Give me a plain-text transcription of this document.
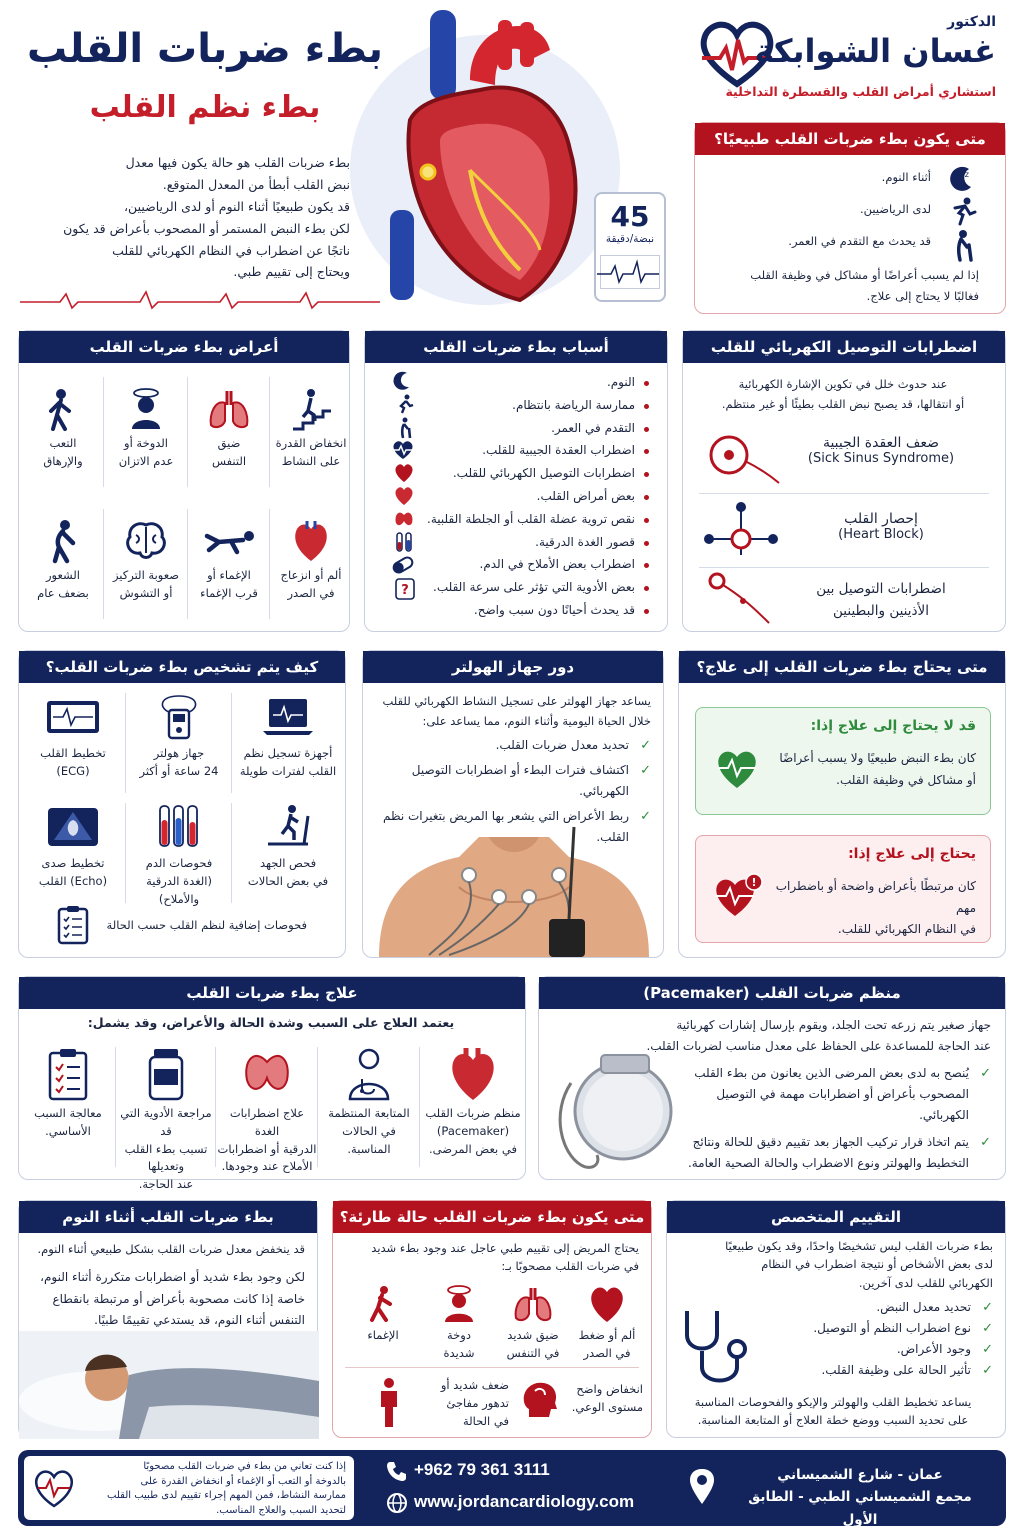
الدكتور
غسان الشوابكة
استشاري أمراض القلب والقسطرة التداخلية
بطء ضربات القلب
بطء نظم القلب
بطء ضربات القلب هو حالة يكون فيها معدل
نبض القلب أبطأ من المعدل المتوقع.
قد يكون طبيعيًا أثناء النوم أو لدى الرياضيين،
لكن بطء النبض المستمر أو المصحوب بأعراض قد يكون
ناتجًا عن اضطراب في النظام الكهربائي للقلب
ويحتاج إلى تقييم طبي.
45
نبضة/دقيقة
متى يكون بطء ضربات القلب طبيعيًا؟
z
أثناء النوم.
لدى الرياضيين.
قد يحدث مع التقدم في العمر.
إذا لم يسبب أعراضًا أو مشاكل في وظيفة القلب
فغالبًا لا يحتاج إلى علاج.
أعراض بطء ضربات القلب
انخفاض القدرة
على النشاط
ضيق
التنفس
الدوخة أو
عدم الاتزان
التعب
والإرهاق
ألم أو انزعاج
في الصدر
الإغماء أو
قرب الإغماء
صعوبة التركيز
أو التشوش
الشعور
بضعف عام
أسباب بطء ضربات القلب
النوم.
ممارسة الرياضة بانتظام.
التقدم في العمر.
اضطراب العقدة الجيبية للقلب.
اضطرابات التوصيل الكهربائي للقلب.
بعض أمراض القلب.
نقص تروية عضلة القلب أو الجلطة القلبية.
قصور الغدة الدرقية.
اضطراب بعض الأملاح في الدم.
بعض الأدوية التي تؤثر على سرعة القلب.
قد يحدث أحيانًا دون سبب واضح.
?
اضطرابات التوصيل الكهربائي للقلب
عند حدوث خلل في تكوين الإشارة الكهربائية
أو انتقالها، قد يصبح نبض القلب بطيئًا أو غير منتظم.
ضعف العقدة الجيبية
(Sick Sinus Syndrome)
إحصار القلب
(Heart Block)
اضطرابات التوصيل بين
الأذينين والبطينين
كيف يتم تشخيص بطء ضربات القلب؟
أجهزة تسجيل نظم
القلب لفترات طويلة
جهاز هولتر
24 ساعة أو أكثر
تخطيط القلب
(ECG)
فحص الجهد
في بعض الحالات
فحوصات الدم
(الغدة الدرقية والأملاح)
تخطيط صدى
(Echo) القلب
فحوصات إضافية لنظم القلب حسب الحالة
دور جهاز الهولتر
يساعد جهاز الهولتر على تسجيل النشاط الكهربائي للقلب
خلال الحياة اليومية وأثناء النوم، مما يساعد على:
✓ تحديد معدل ضربات القلب.
✓ اكتشاف فترات البطء أو اضطرابات التوصيل الكهربائي.
✓ ربط الأعراض التي يشعر بها المريض بتغيرات نظم القلب.
متى يحتاج بطء ضربات القلب إلى علاج؟
قد لا يحتاج إلى علاج إذا:
كان بطء النبض طبيعيًا ولا يسبب أعراضًا
أو مشاكل في وظيفة القلب.
يحتاج إلى علاج إذا:
كان مرتبطًا بأعراض واضحة أو باضطراب مهم
في النظام الكهربائي للقلب.
!
علاج بطء ضربات القلب
يعتمد العلاج على السبب وشدة الحالة والأعراض، وقد يشمل:
منظم ضربات القلب
(Pacemaker)
في بعض المرضى.
المتابعة المنتظمة
في الحالات
المناسبة.
علاج اضطرابات الغدة
الدرقية أو اضطرابات
الأملاح عند وجودها.
مراجعة الأدوية التي قد
تسبب بطء القلب وتعديلها
عند الحاجة.
معالجة السبب
الأساسي.
منظم ضربات القلب (Pacemaker)
جهاز صغير يتم زرعه تحت الجلد، ويقوم بإرسال إشارات كهربائية
عند الحاجة للمساعدة على الحفاظ على معدل مناسب لضربات القلب.
✓ يُنصح به لدى بعض المرضى الذين يعانون من بطء القلب
المصحوب بأعراض أو اضطرابات مهمة في التوصيل الكهربائي.
✓ يتم اتخاذ قرار تركيب الجهاز بعد تقييم دقيق للحالة ونتائج
التخطيط والهولتر ونوع الاضطراب والحالة الصحية العامة.
بطء ضربات القلب أثناء النوم
قد ينخفض معدل ضربات القلب بشكل طبيعي أثناء النوم.
لكن وجود بطء شديد أو اضطرابات متكررة أثناء النوم،
خاصة إذا كانت مصحوبة بأعراض أو مرتبطة بانقطاع
التنفس أثناء النوم، قد يستدعي تقييمًا طبيًا.
متى يكون بطء ضربات القلب حالة طارئة؟
يحتاج المريض إلى تقييم طبي عاجل عند وجود بطء شديد
في ضربات القلب مصحوبًا بـ:
ألم أو ضغط
في الصدر
ضيق شديد
في التنفس
دوخة
شديدة
الإغماء
انخفاض واضح
مستوى الوعي.
ضعف شديد أو
تدهور مفاجئ
في الحالة
التقييم المتخصص
بطء ضربات القلب ليس تشخيصًا واحدًا، وقد يكون طبيعيًا
لدى بعض الأشخاص أو نتيجة اضطراب في النظام
الكهربائي للقلب لدى آخرين.
✓ تحديد معدل النبض.
✓ نوع اضطراب النظم أو التوصيل.
✓ وجود الأعراض.
✓ تأثير الحالة على وظيفة القلب.
يساعد تخطيط القلب والهولتر والإيكو والفحوصات المناسبة
على تحديد السبب ووضع خطة العلاج أو المتابعة المناسبة.
إذا كنت تعاني من بطء في ضربات القلب مصحوبًا
بالدوخة أو التعب أو الإغماء أو انخفاض القدرة على
ممارسة النشاط، فمن المهم إجراء تقييم لدى طبيب القلب
لتحديد السبب والعلاج المناسب.
+962 79 361 3111
www.jordancardiology.com
عمان - شارع الشميساني
مجمع الشميساني الطبي - الطابق الأول
